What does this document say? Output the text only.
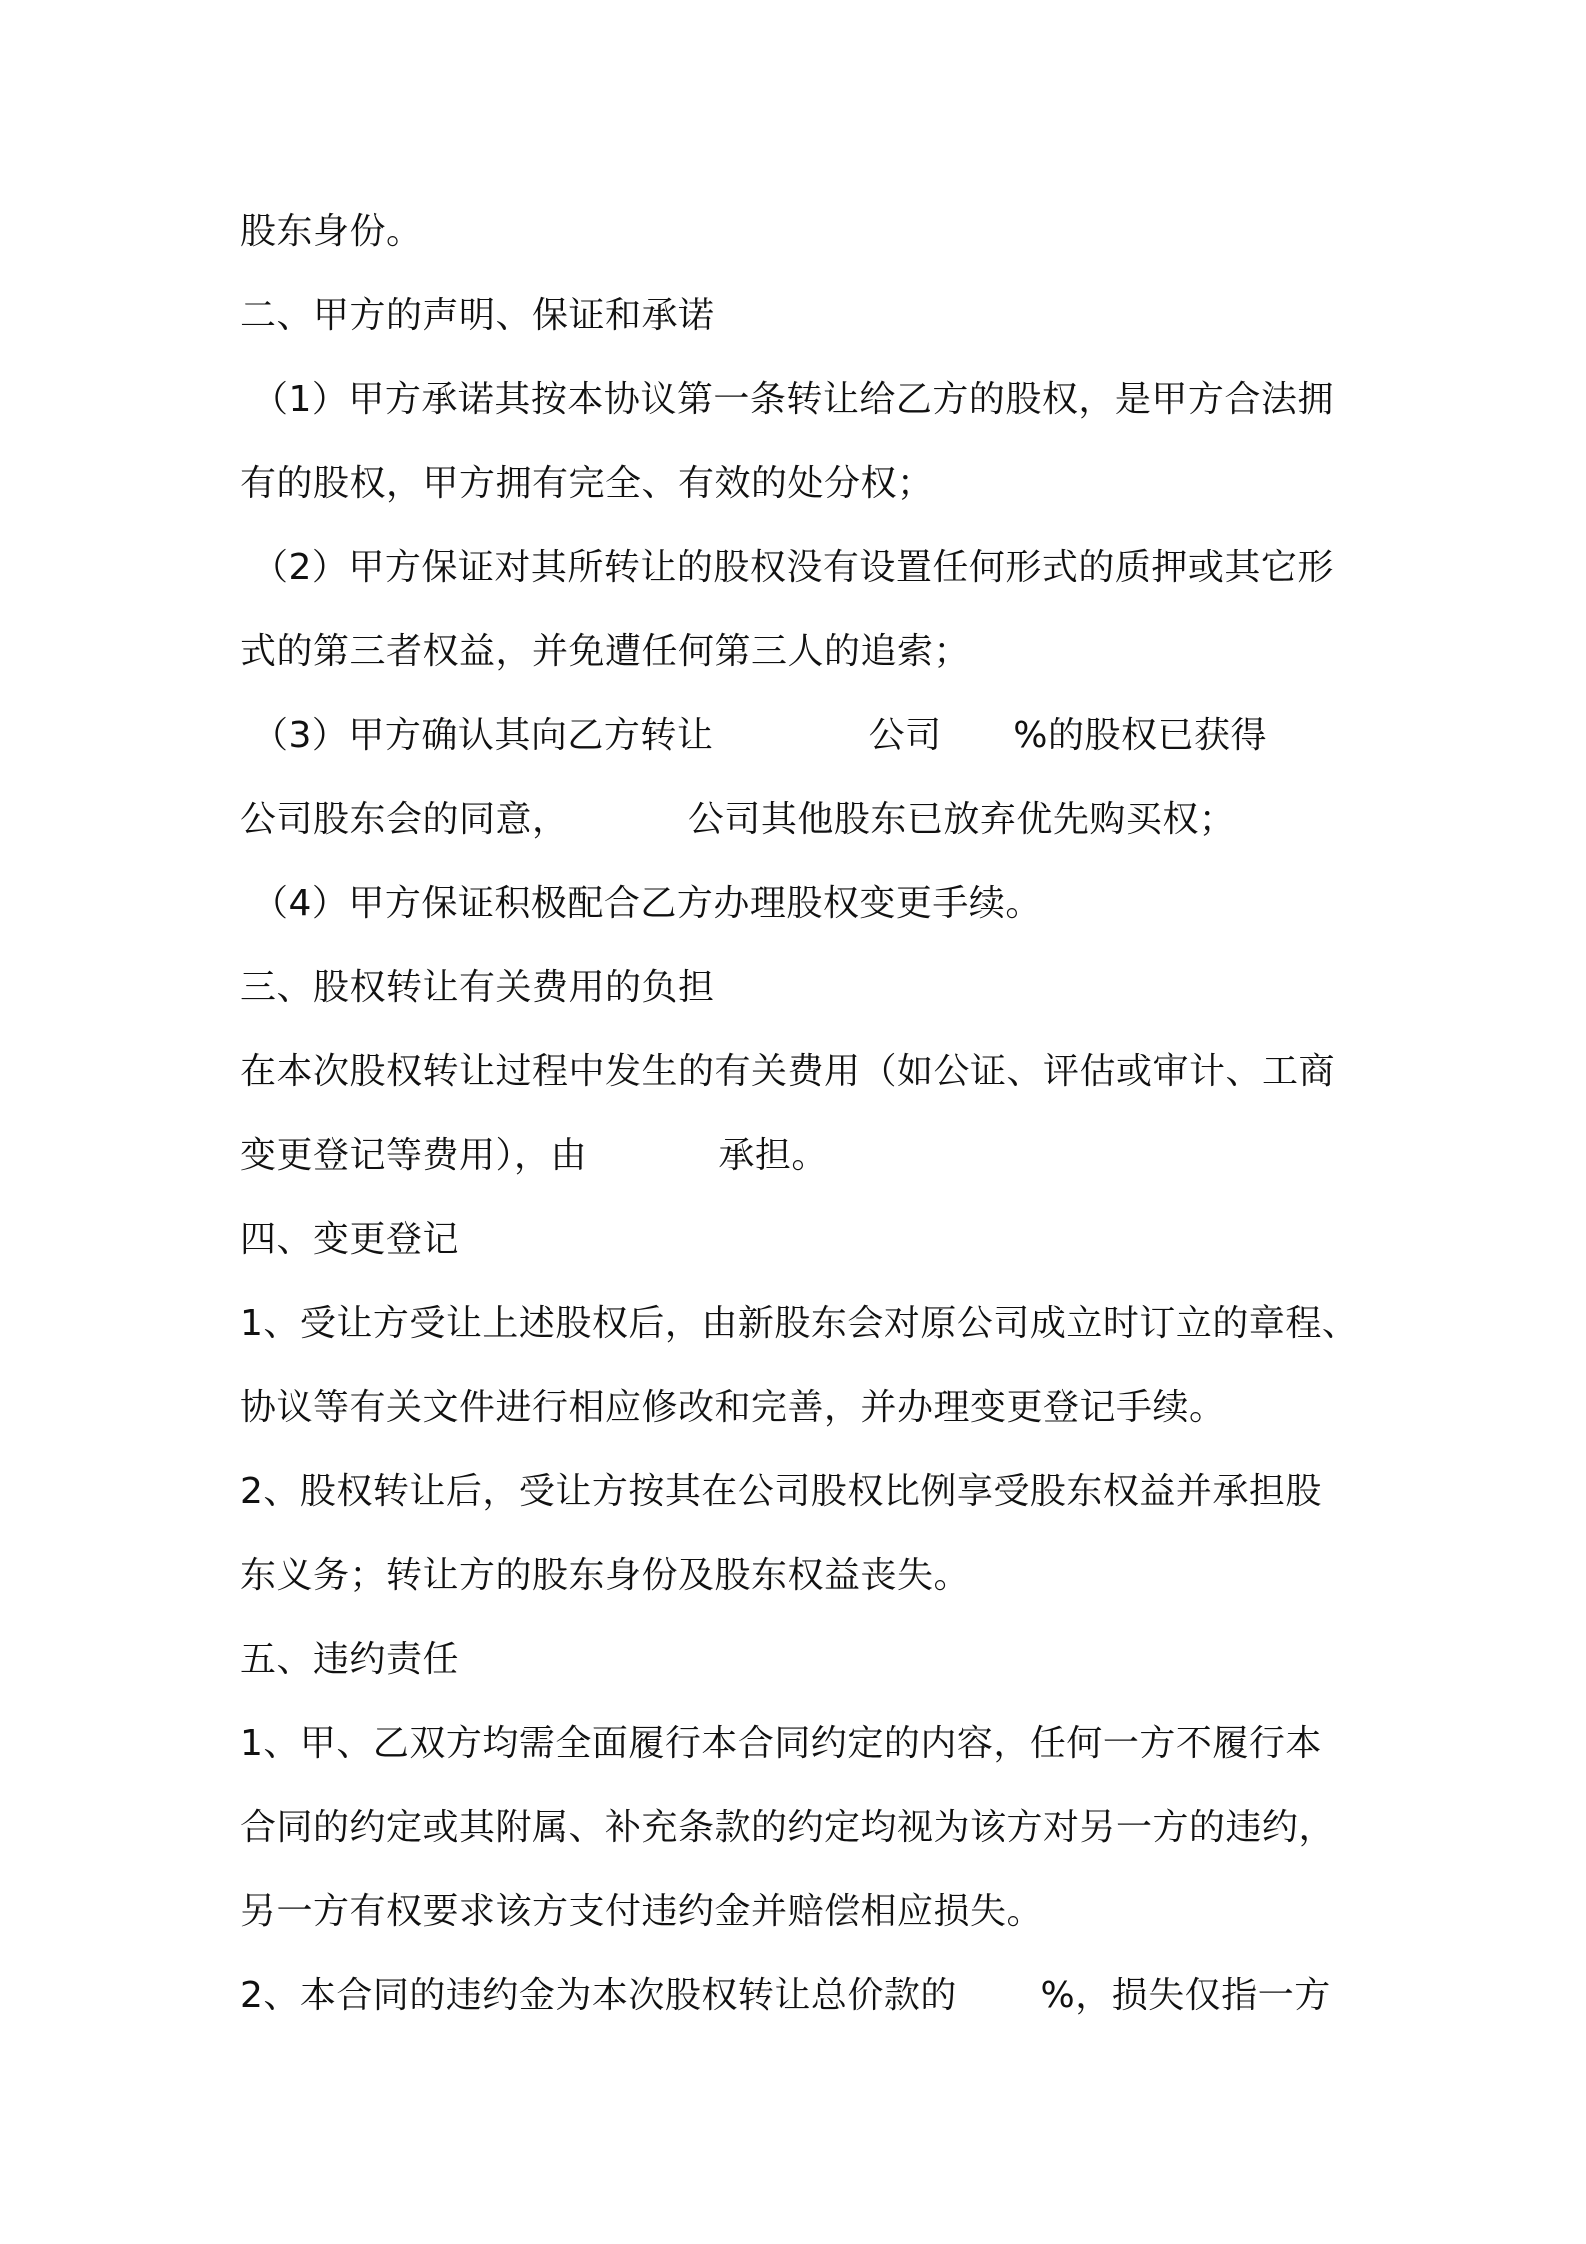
股东身份。
二、甲方的声明、保证和承诺
（1）甲方承诺其按本协议第一条转让给乙方的股权，是甲方合法拥
有的股权，甲方拥有完全、有效的处分权；
（2）甲方保证对其所转让的股权没有设置任何形式的质押或其它形
式的第三者权益，并免遭任何第三人的追索；
（3）甲方确认其向乙方转让             公司      %的股权已获得
公司股东会的同意，          公司其他股东已放弃优先购买权；
（4）甲方保证积极配合乙方办理股权变更手续。
三、股权转让有关费用的负担
在本次股权转让过程中发生的有关费用（如公证、评估或审计、工商
变更登记等费用），由           承担。
四、变更登记
1、受让方受让上述股权后，由新股东会对原公司成立时订立的章程、
协议等有关文件进行相应修改和完善，并办理变更登记手续。
2、股权转让后，受让方按其在公司股权比例享受股东权益并承担股
东义务；转让方的股东身份及股东权益丧失。
五、违约责任
1、甲、乙双方均需全面履行本合同约定的内容，任何一方不履行本
合同的约定或其附属、补充条款的约定均视为该方对另一方的违约，
另一方有权要求该方支付违约金并赔偿相应损失。
2、本合同的违约金为本次股权转让总价款的       %，损失仅指一方
